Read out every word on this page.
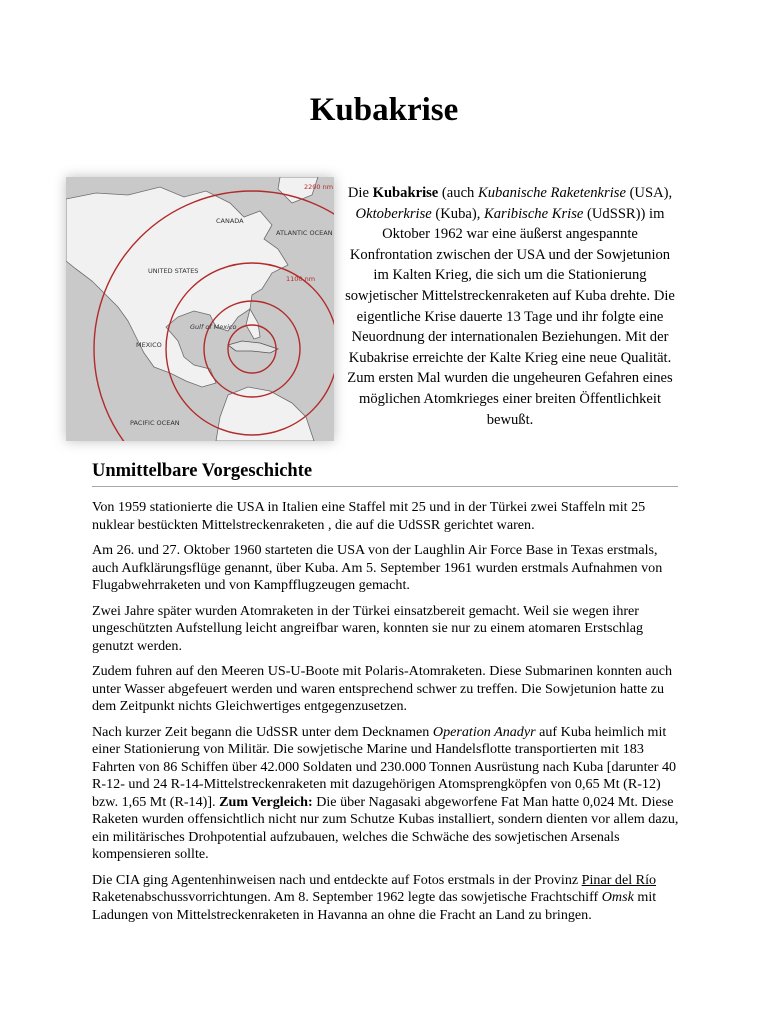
Kubakrise
CANADA
ATLANTIC OCEAN
UNITED STATES
Gulf of Mexico
MEXICO
PACIFIC OCEAN
2200 nm
1100 nm

Die Kubakrise (auch Kubanische Raketenkrise (USA), Oktoberkrise (Kuba), Karibische Krise (UdSSR)) im Oktober 1962 war eine äußerst angespannte Konfrontation zwischen der USA und der Sowjetunion im Kalten Krieg, die sich um die Stationierung sowjetischer Mittelstreckenraketen auf Kuba drehte. Die eigentliche Krise dauerte 13 Tage und ihr folgte eine Neuordnung der internationalen Beziehungen. Mit der Kubakrise erreichte der Kalte Krieg eine neue Qualität. Zum ersten Mal wurden die ungeheuren Gefahren eines möglichen Atomkrieges einer breiten Öffentlichkeit bewußt.

Unmittelbare Vorgeschichte

Von 1959 stationierte die USA in Italien eine Staffel mit 25 und in der Türkei zwei Staffeln mit 25 nuklear bestückten Mittelstreckenraketen , die auf die UdSSR gerichtet waren.

Am 26. und 27. Oktober 1960 starteten die USA von der Laughlin Air Force Base in Texas erstmals, auch Aufklärungsflüge genannt, über Kuba. Am 5. September 1961 wurden erstmals Aufnahmen von Flugabwehrraketen und von Kampfflugzeugen gemacht.

Zwei Jahre später wurden Atomraketen in der Türkei einsatzbereit gemacht. Weil sie wegen ihrer ungeschützten Aufstellung leicht angreifbar waren, konnten sie nur zu einem atomaren Erstschlag genutzt werden.

Zudem fuhren auf den Meeren US-U-Boote mit Polaris-Atomraketen. Diese Submarinen konnten auch unter Wasser abgefeuert werden und waren entsprechend schwer zu treffen. Die Sowjetunion hatte zu dem Zeitpunkt nichts Gleichwertiges entgegenzusetzen.

Nach kurzer Zeit begann die UdSSR unter dem Decknamen Operation Anadyr auf Kuba heimlich mit einer Stationierung von Militär. Die sowjetische Marine und Handelsflotte transportierten mit 183 Fahrten von 86 Schiffen über 42.000 Soldaten und 230.000 Tonnen Ausrüstung nach Kuba [darunter 40 R-12- und 24 R-14-Mittelstreckenraketen mit dazugehörigen Atomsprengköpfen von 0,65 Mt (R-12) bzw. 1,65 Mt (R-14)]. Zum Vergleich: Die über Nagasaki abgeworfene Fat Man hatte 0,024 Mt. Diese Raketen wurden offensichtlich nicht nur zum Schutze Kubas installiert, sondern dienten vor allem dazu, ein militärisches Drohpotential aufzubauen, welches die Schwäche des sowjetischen Arsenals kompensieren sollte.

Die CIA ging Agentenhinweisen nach und entdeckte auf Fotos erstmals in der Provinz Pinar del Río Raketenabschussvorrichtungen. Am 8. September 1962 legte das sowjetische Frachtschiff Omsk mit Ladungen von Mittelstreckenraketen in Havanna an ohne die Fracht an Land zu bringen.
